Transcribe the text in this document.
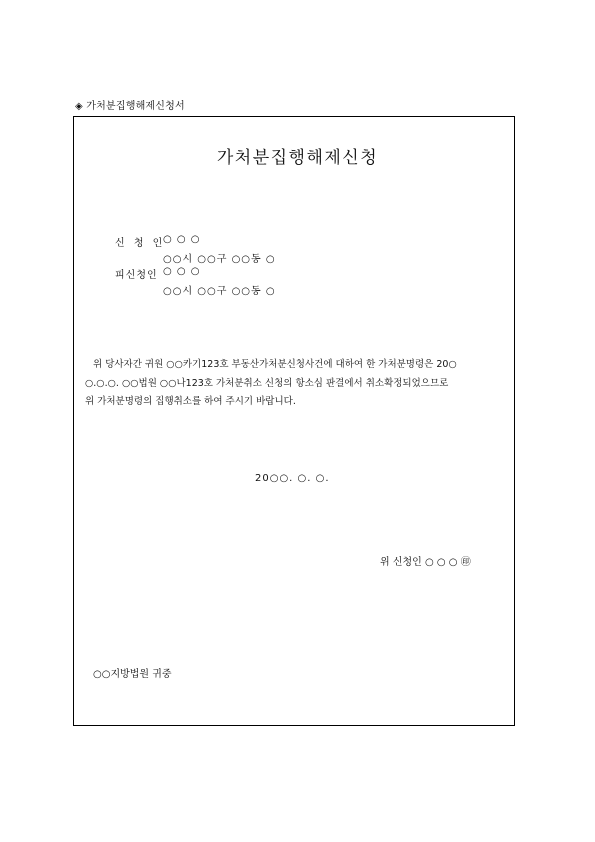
◈ 가처분집행해제신청서
가처분집행해제신청
신 청 인
○ ○ ○
○○시 ○○구 ○○동 ○
피신청인 ○ ○ ○
○○시 ○○구 ○○동 ○
위 당사자간 귀원 ○○카기123호 부동산가처분신청사건에 대하여 한 가처분명령은 20○
○.○.○. ○○법원 ○○나123호 가처분취소 신청의 항소심 판결에서 취소확정되었으므로
위 가처분명령의 집행취소를 하여 주시기 바랍니다.
20○○. ○. ○.
위 신청인 ○ ○ ○ ㊞
○○지방법원 귀중
